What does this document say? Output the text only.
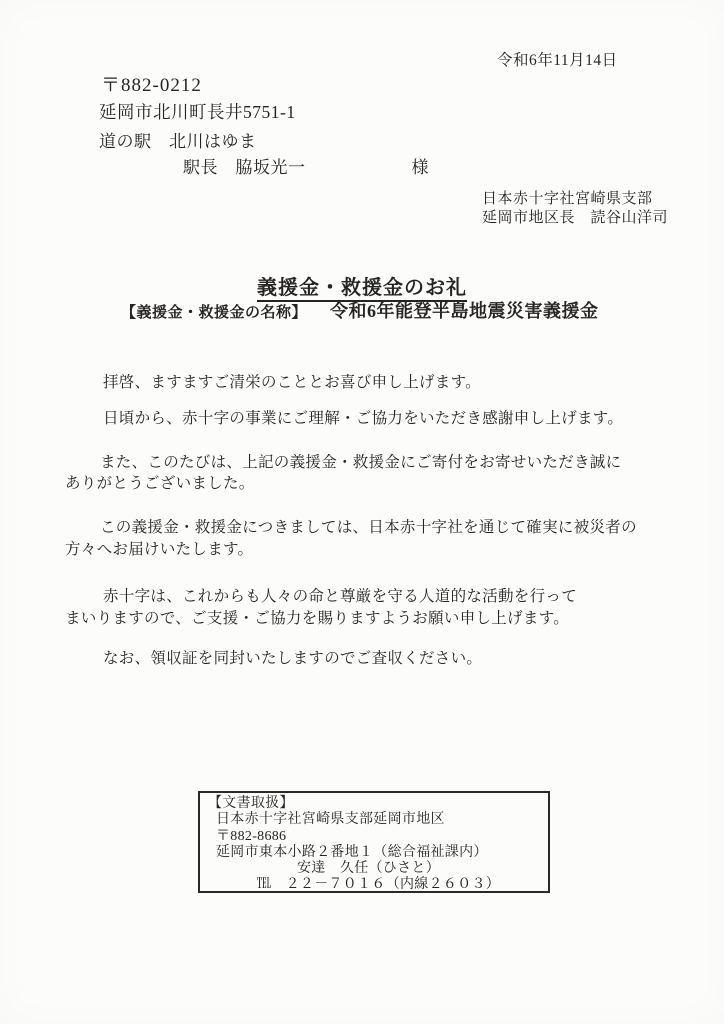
令和6年11月14日
〒882-0212
延岡市北川町長井5751-1
道の駅　北川はゆま
駅長　脇坂光一	様
日本赤十字社宮崎県支部
延岡市地区長　読谷山洋司
義援金・救援金のお礼
【義援金・救援金の名称】 令和6年能登半島地震災害義援金
拝啓、ますますご清栄のこととお喜び申し上げます。
日頃から、赤十字の事業にご理解・ご協力をいただき感謝申し上げます。
また、このたびは、上記の義援金・救援金にご寄付をお寄せいただき誠に
ありがとうございました。
この義援金・救援金につきましては、日本赤十字社を通じて確実に被災者の
方々へお届けいたします。
赤十字は、これからも人々の命と尊厳を守る人道的な活動を行って
まいりますので、ご支援・ご協力を賜りますようお願い申し上げます。
なお、領収証を同封いたしますのでご査収ください。
【文書取扱】
日本赤十字社宮崎県支部延岡市地区
〒882-8686
延岡市東本小路２番地１（総合福祉課内）
安達　久任（ひさと）
℡　２２－７０１６（内線２６０３）
